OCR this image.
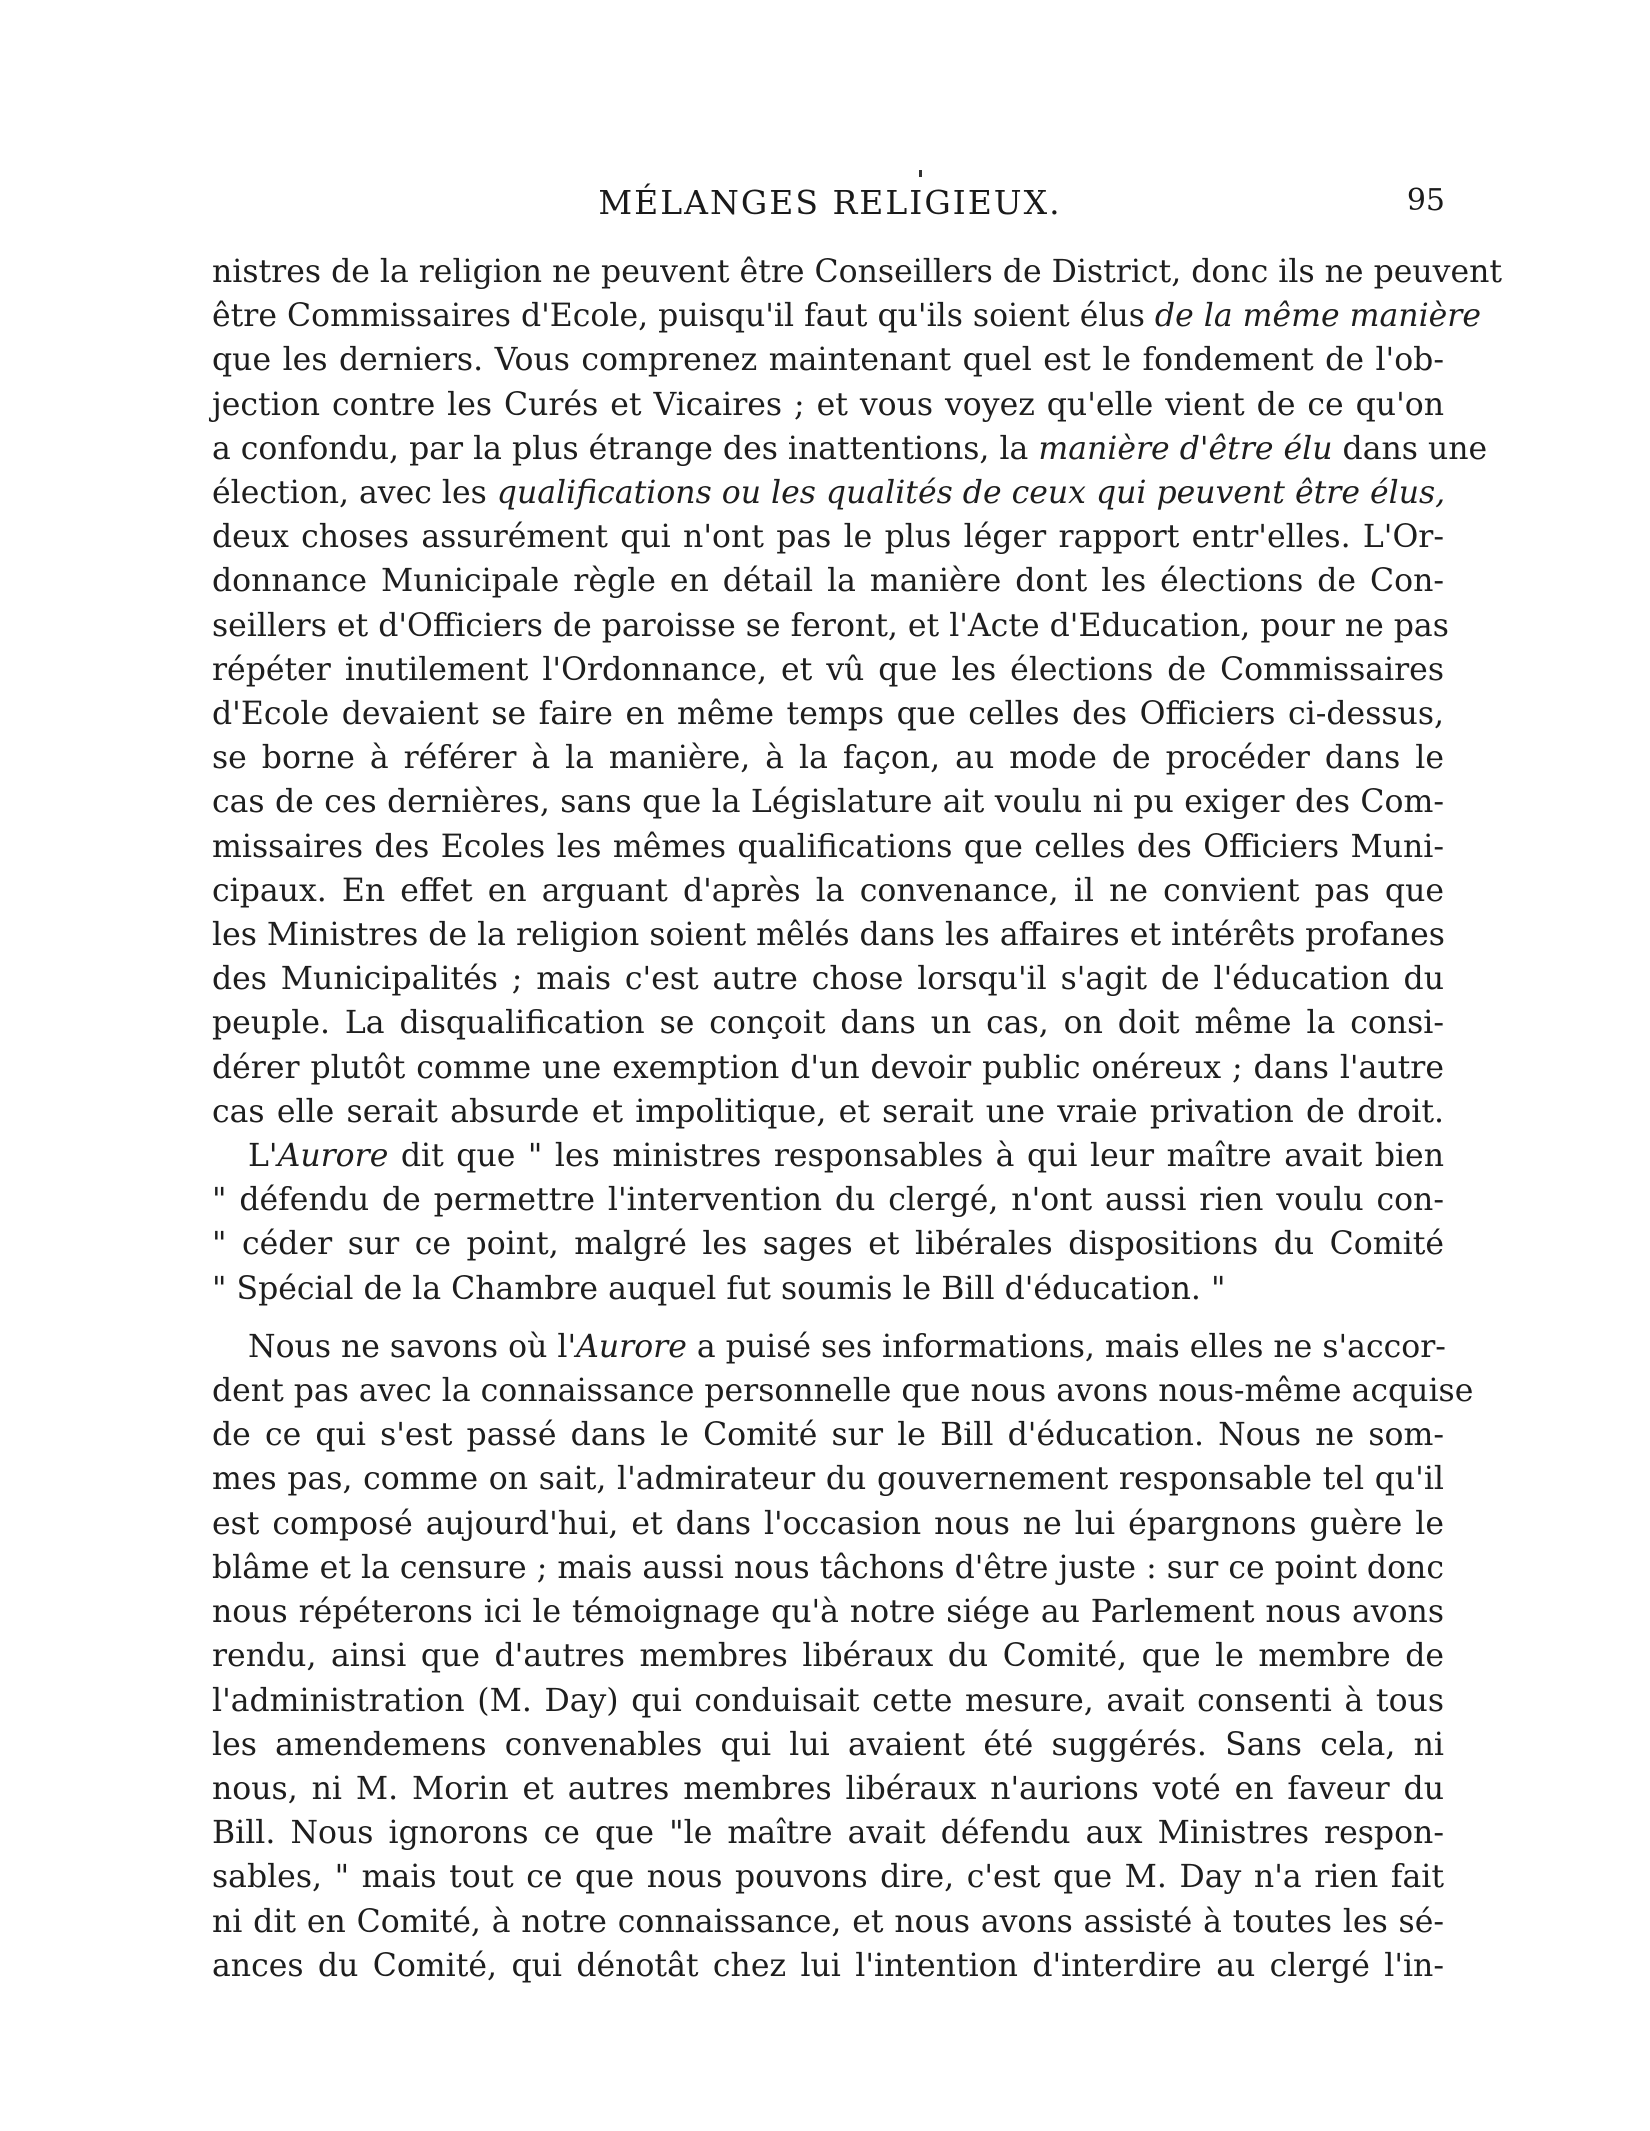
MÉLANGES RELIGIEUX.	95

nistres de la religion ne peuvent être Conseillers de District, donc ils ne peuvent
être Commissaires d'Ecole, puisqu'il faut qu'ils soient élus de la même manière
que les derniers. Vous comprenez maintenant quel est le fondement de l'ob-
jection contre les Curés et Vicaires ; et vous voyez qu'elle vient de ce qu'on
a confondu, par la plus étrange des inattentions, la manière d'être élu dans une
élection, avec les qualifications ou les qualités de ceux qui peuvent être élus,
deux choses assurément qui n'ont pas le plus léger rapport entr'elles. L'Or-
donnance Municipale règle en détail la manière dont les élections de Con-
seillers et d'Officiers de paroisse se feront, et l'Acte d'Education, pour ne pas
répéter inutilement l'Ordonnance, et vû que les élections de Commissaires
d'Ecole devaient se faire en même temps que celles des Officiers ci-dessus,
se borne à référer à la manière, à la façon, au mode de procéder dans le
cas de ces dernières, sans que la Législature ait voulu ni pu exiger des Com-
missaires des Ecoles les mêmes qualifications que celles des Officiers Muni-
cipaux. En effet en arguant d'après la convenance, il ne convient pas que
les Ministres de la religion soient mêlés dans les affaires et intérêts profanes
des Municipalités ; mais c'est autre chose lorsqu'il s'agit de l'éducation du
peuple. La disqualification se conçoit dans un cas, on doit même la consi-
dérer plutôt comme une exemption d'un devoir public onéreux ; dans l'autre
cas elle serait absurde et impolitique, et serait une vraie privation de droit.

L'Aurore dit que " les ministres responsables à qui leur maître avait bien
" défendu de permettre l'intervention du clergé, n'ont aussi rien voulu con-
" céder sur ce point, malgré les sages et libérales dispositions du Comité
" Spécial de la Chambre auquel fut soumis le Bill d'éducation. "

Nous ne savons où l'Aurore a puisé ses informations, mais elles ne s'accor-
dent pas avec la connaissance personnelle que nous avons nous-même acquise
de ce qui s'est passé dans le Comité sur le Bill d'éducation. Nous ne som-
mes pas, comme on sait, l'admirateur du gouvernement responsable tel qu'il
est composé aujourd'hui, et dans l'occasion nous ne lui épargnons guère le
blâme et la censure ; mais aussi nous tâchons d'être juste : sur ce point donc
nous répéterons ici le témoignage qu'à notre siége au Parlement nous avons
rendu, ainsi que d'autres membres libéraux du Comité, que le membre de
l'administration (M. Day) qui conduisait cette mesure, avait consenti à tous
les amendemens convenables qui lui avaient été suggérés. Sans cela, ni
nous, ni M. Morin et autres membres libéraux n'aurions voté en faveur du
Bill. Nous ignorons ce que "le maître avait défendu aux Ministres respon-
sables, " mais tout ce que nous pouvons dire, c'est que M. Day n'a rien fait
ni dit en Comité, à notre connaissance, et nous avons assisté à toutes les sé-
ances du Comité, qui dénotât chez lui l'intention d'interdire au clergé l'in-
